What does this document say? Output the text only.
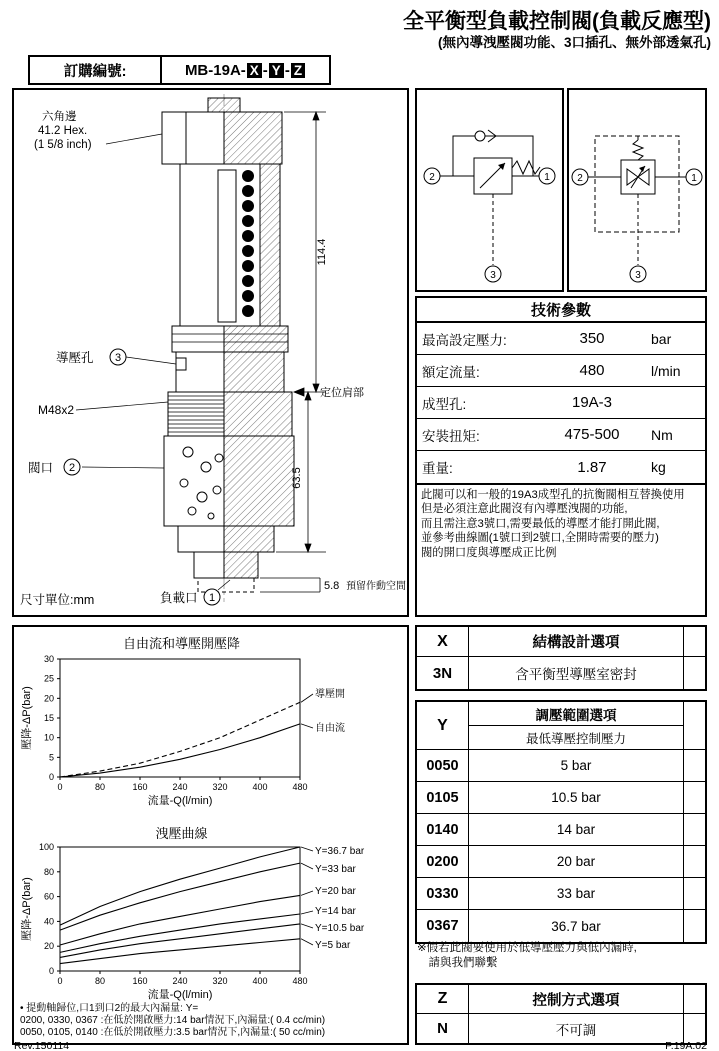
全平衡型負載控制閥(負載反應型)
(無內導洩壓閥功能、3口插孔、無外部透氣孔)
訂購編號:	MB-19A- X - Y - Z
六角邊
41.2 Hex.
(1 5/8 inch)
導壓孔 3
M48x2
閥口 2
負載口 1
尺寸單位:mm
114.4
定位肩部
63.5
5.8 預留作動空間
2	1
3
2	1
3
技術參數
最高設定壓力:	350	bar
額定流量:	480	l/min
成型孔:	19A-3
安裝扭矩:	475-500	Nm
重量:	1.87	kg
此閥可以和一般的19A3成型孔的抗衡閥相互替換使用
但是必須注意此閥沒有內導壓洩閥的功能,
而且需注意3號口,需要最低的導壓才能打開此閥,
並參考曲線圖(1號口到2號口,全開時需要的壓力)
閥的開口度與導壓成正比例
自由流和導壓開壓降
0	80	160	240	320	400	480
0
5
10
15
20
25
30
流量-Q(l/min)
壓降-ΔP(bar)	導壓開
自由流
洩壓曲線
0	80	160	240	320	400	480
0
20
40
60
80
100
流量-Q(l/min)
壓降-ΔP(bar)
Y=36.7 bar
Y=33 bar
Y=20 bar
Y=14 bar
Y=10.5 bar
Y=5 bar
• 提動軸歸位,口1到口2的最大內漏量: Y=
0200, 0330, 0367 :在低於開啟壓力:14 bar情況下,內漏量:( 0.4 cc/min)
0050, 0105, 0140 :在低於開啟壓力:3.5 bar情況下,內漏量:( 50 cc/min)
X	結構設計選項
3N	含平衡型導壓室密封
Y
調壓範圍選項
最低導壓控制壓力
0050	5 bar
0105	10.5 bar
0140	14 bar
0200	20 bar
0330	33 bar
0367	36.7 bar
※假若此閥要使用於低導壓壓力與低內漏時,
　請與我們聯繫
Z	控制方式選項
N	不可調
Rev.150114	P.19A.02
